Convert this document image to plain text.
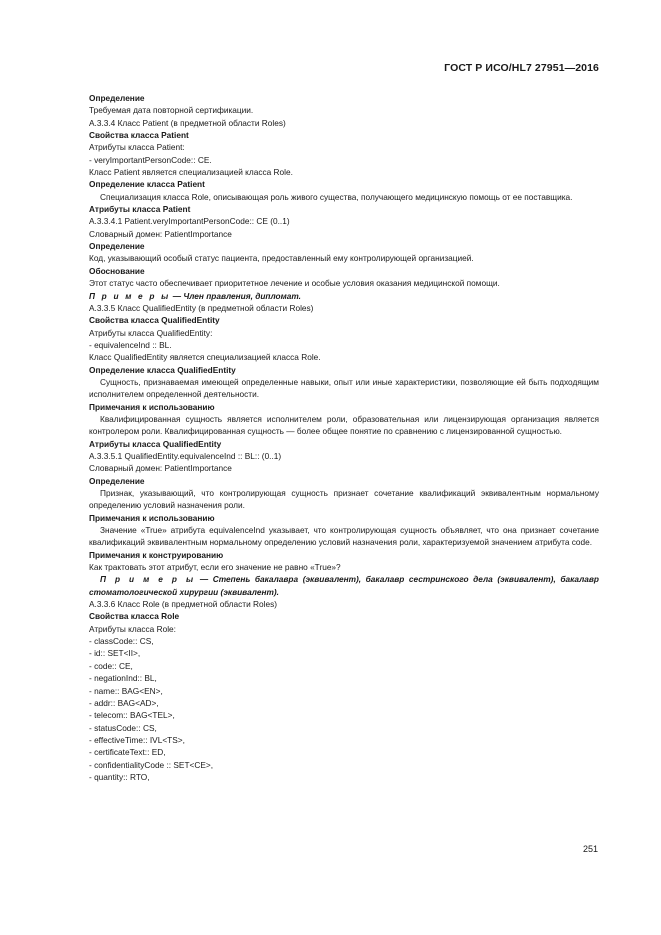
ГОСТ Р ИСО/HL7 27951—2016

Определение

Требуемая дата повторной сертификации.

А.3.3.4 Класс Patient (в предметной области Roles)

Свойства класса Patient

Атрибуты класса Patient:

- veryImportantPersonCode:: CE.

Класс Patient является специализацией класса Role.

Определение класса Patient

Специализация класса Role, описывающая роль живого существа, получающего медицинскую помощь от ее поставщика.

Атрибуты класса Patient

А.3.3.4.1 Patient.veryImportantPersonCode:: CE (0..1)

Словарный домен: PatientImportance

Определение

Код, указывающий особый статус пациента, предоставленный ему контролирующей организацией.

Обоснование

Этот статус часто обеспечивает приоритетное лечение и особые условия оказания медицинской помощи.

П р и м е р ы — Член правления, дипломат.

А.3.3.5 Класс QualifiedEntity (в предметной области Roles)

Свойства класса QualifiedEntity

Атрибуты класса QualifiedEntity:

- equivalenceInd :: BL.

Класс QualifiedEntity является специализацией класса Role.

Определение класса QualifiedEntity

Сущность, признаваемая имеющей определенные навыки, опыт или иные характеристики, позволяющие ей быть подходящим исполнителем определенной деятельности.

Примечания к использованию

Квалифицированная сущность является исполнителем роли, образовательная или лицензирующая организация является контролером роли. Квалифицированная сущность — более общее понятие по сравнению с лицензированной сущностью.

Атрибуты класса QualifiedEntity

А.3.3.5.1 QualifiedEntity.equivalenceInd :: BL:: (0..1)

Словарный домен: PatientImportance

Определение

Признак, указывающий, что контролирующая сущность признает сочетание квалификаций эквивалентным нормальному определению условий назначения роли.

Примечания к использованию

Значение «True» атрибута equivalenceInd указывает, что контролирующая сущность объявляет, что она признает сочетание квалификаций эквивалентным нормальному определению условий назначения роли, характеризуемой значением атрибута code.

Примечания к конструированию

Как трактовать этот атрибут, если его значение не равно «True»?

П р и м е р ы — Степень бакалавра (эквивалент), бакалавр сестринского дела (эквивалент), бакалавр стоматологической хирургии (эквивалент).

А.3.3.6 Класс Role (в предметной области Roles)

Свойства класса Role

Атрибуты класса Role:

- classCode:: CS,

- id:: SET<II>,

- code:: CE,

- negationInd:: BL,

- name:: BAG<EN>,

- addr:: BAG<AD>,

- telecom:: BAG<TEL>,

- statusCode:: CS,

- effectiveTime:: IVL<TS>,

- certificateText:: ED,

- confidentialityCode :: SET<CE>,

- quantity:: RTO,

251
